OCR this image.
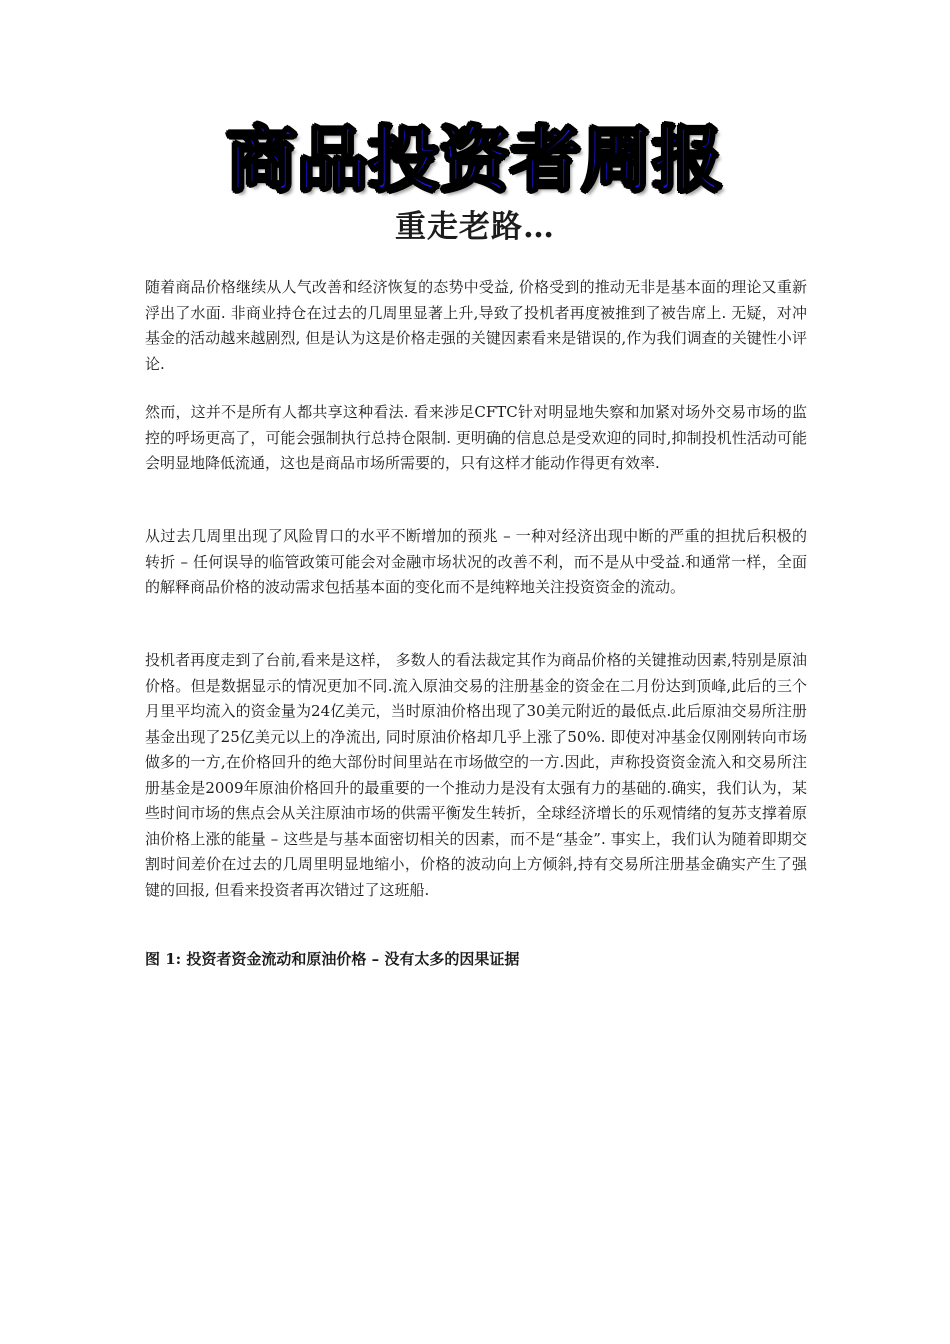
商品投资者周报
重走老路…

随着商品价格继续从人气改善和经济恢复的态势中受益, 价格受到的推动无非是基本面的理论又重新浮出了水面. 非商业持仓在过去的几周里显著上升,导致了投机者再度被推到了被告席上. 无疑，对冲基金的活动越来越剧烈, 但是认为这是价格走强的关键因素看来是错误的,作为我们调查的关键性小评论.

然而，这并不是所有人都共享这种看法. 看来涉足CFTC针对明显地失察和加紧对场外交易市场的监控的呼场更高了，可能会强制执行总持仓限制. 更明确的信息总是受欢迎的同时,抑制投机性活动可能会明显地降低流通，这也是商品市场所需要的，只有这样才能动作得更有效率.

从过去几周里出现了风险胃口的水平不断增加的预兆 – 一种对经济出现中断的严重的担扰后积极的转折 – 任何误导的临管政策可能会对金融市场状况的改善不利，而不是从中受益.和通常一样，全面的解释商品价格的波动需求包括基本面的变化而不是纯粹地关注投资资金的流动。

投机者再度走到了台前,看来是这样， 多数人的看法裁定其作为商品价格的关键推动因素,特别是原油价格。但是数据显示的情况更加不同.流入原油交易的注册基金的资金在二月份达到顶峰,此后的三个月里平均流入的资金量为24亿美元，当时原油价格出现了30美元附近的最低点.此后原油交易所注册基金出现了25亿美元以上的净流出, 同时原油价格却几乎上涨了50%. 即使对冲基金仅刚刚转向市场做多的一方,在价格回升的绝大部份时间里站在市场做空的一方.因此，声称投资资金流入和交易所注册基金是2009年原油价格回升的最重要的一个推动力是没有太强有力的基础的.确实，我们认为，某些时间市场的焦点会从关注原油市场的供需平衡发生转折，全球经济增长的乐观情绪的复苏支撑着原油价格上涨的能量 – 这些是与基本面密切相关的因素，而不是“基金”. 事实上，我们认为随着即期交割时间差价在过去的几周里明显地缩小，价格的波动向上方倾斜,持有交易所注册基金确实产生了强键的回报, 但看来投资者再次错过了这班船.

图 1: 投资者资金流动和原油价格 – 没有太多的因果证据
